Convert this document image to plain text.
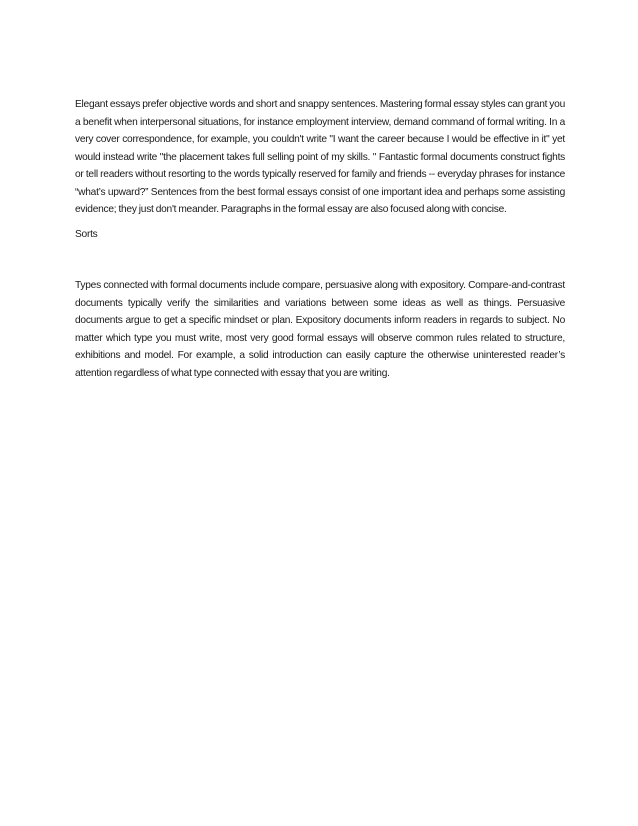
Elegant essays prefer objective words and short and snappy sentences. Mastering formal essay styles can grant you a benefit when interpersonal situations, for instance employment interview, demand command of formal writing. In a very cover correspondence, for example, you couldn't write "I want the career because I would be effective in it" yet would instead write "the placement takes full selling point of my skills. " Fantastic formal documents construct fights or tell readers without resorting to the words typically reserved for family and friends -- everyday phrases for instance “what’s upward?” Sentences from the best formal essays consist of one important idea and perhaps some assisting evidence; they just don't meander. Paragraphs in the formal essay are also focused along with concise.

Sorts

Types connected with formal documents include compare, persuasive along with expository. Compare-and-contrast documents typically verify the similarities and variations between some ideas as well as things. Persuasive documents argue to get a specific mindset or plan. Expository documents inform readers in regards to subject. No matter which type you must write, most very good formal essays will observe common rules related to structure, exhibitions and model. For example, a solid introduction can easily capture the otherwise uninterested reader’s attention regardless of what type connected with essay that you are writing.
